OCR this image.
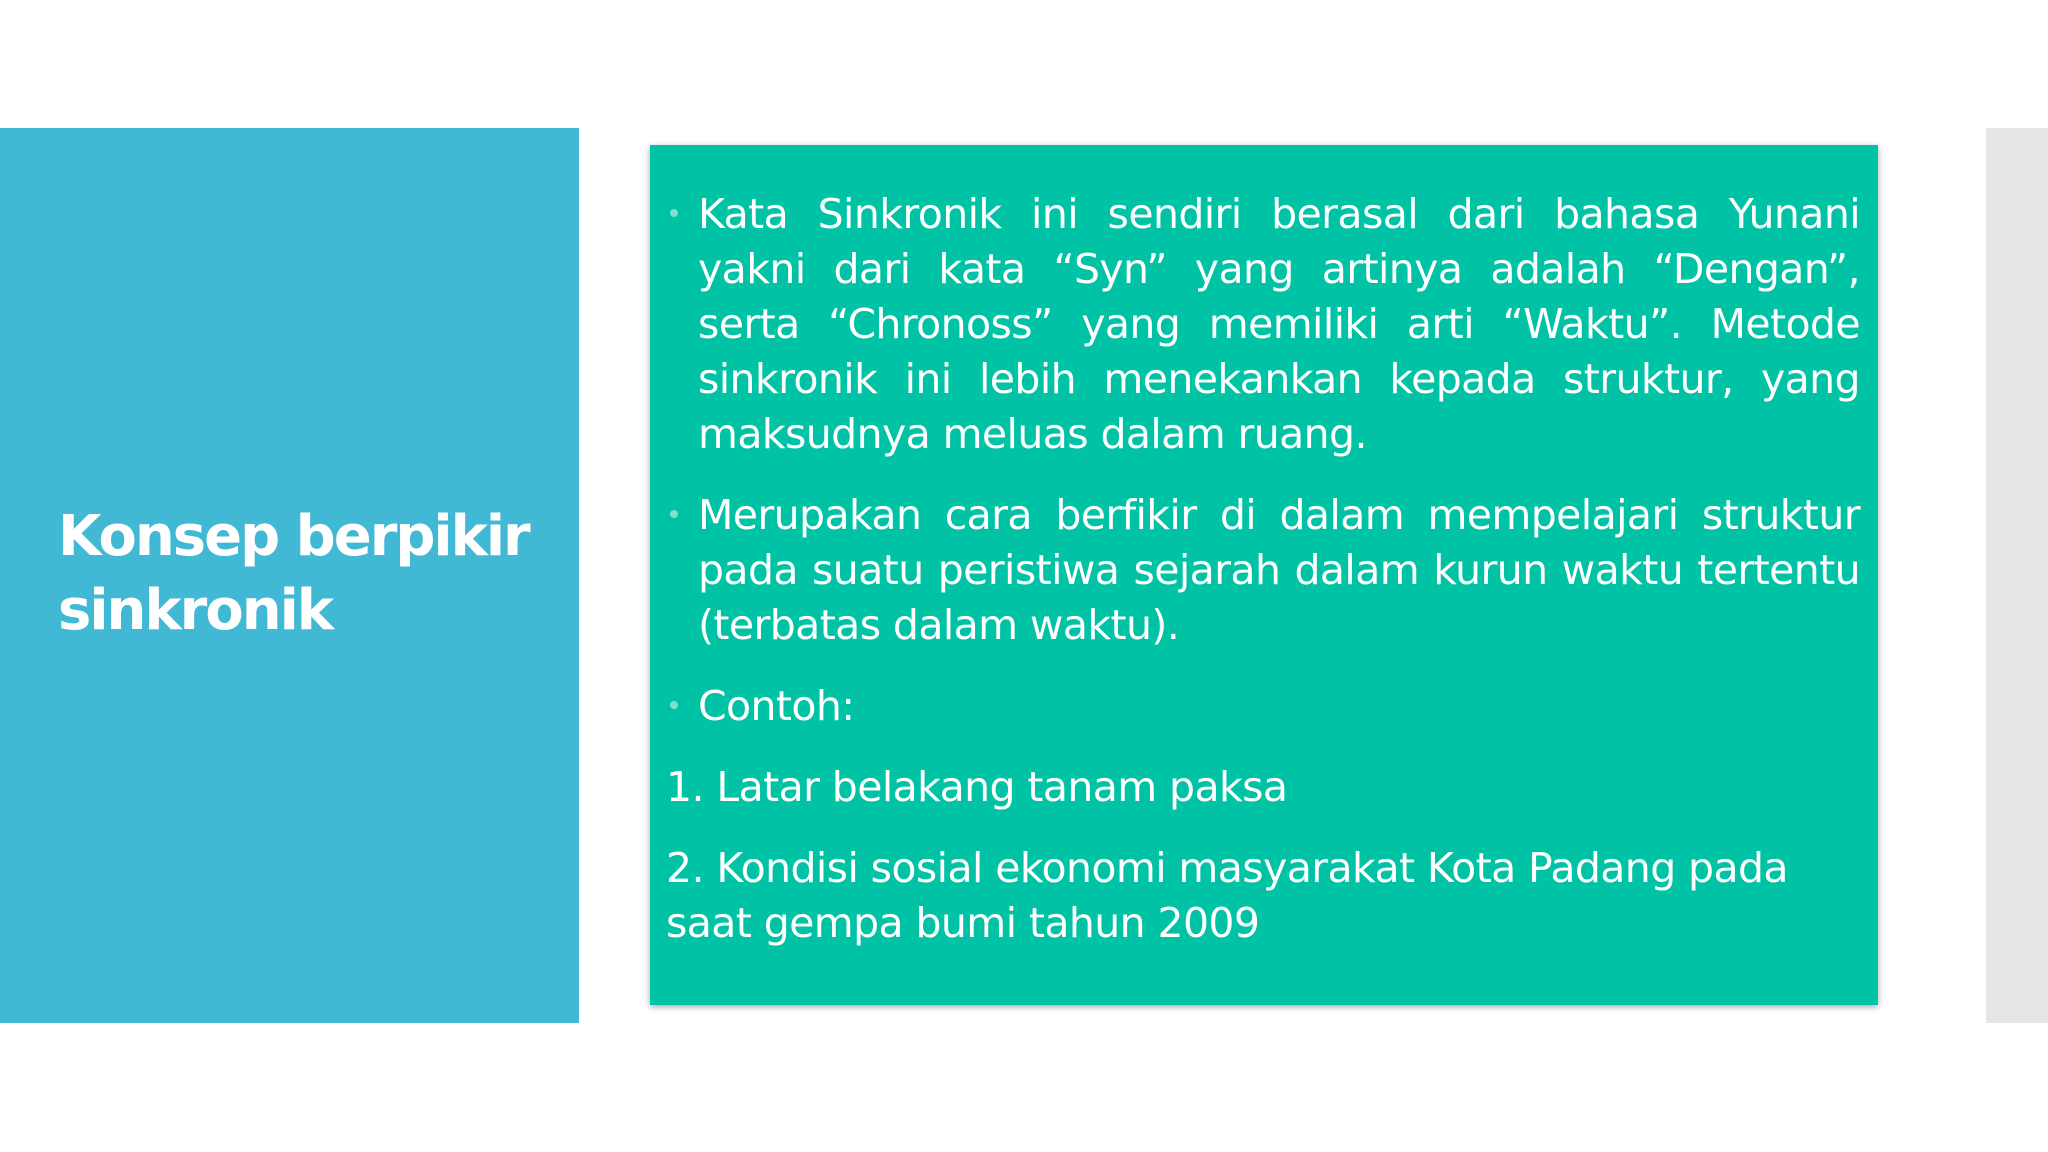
Konsep berpikir
sinkronik
Kata Sinkronik ini sendiri berasal dari bahasa Yunani yakni dari kata “Syn” yang artinya adalah “Dengan”, serta “Chronoss” yang memiliki arti “Waktu”. Metode sinkronik ini lebih menekankan kepada struktur, yang maksudnya meluas dalam ruang.
Merupakan cara berfikir di dalam mempelajari struktur pada suatu peristiwa sejarah dalam kurun waktu tertentu (terbatas dalam waktu).
Contoh:
1. Latar belakang tanam paksa
2. Kondisi sosial ekonomi masyarakat Kota Padang pada saat gempa bumi tahun 2009
